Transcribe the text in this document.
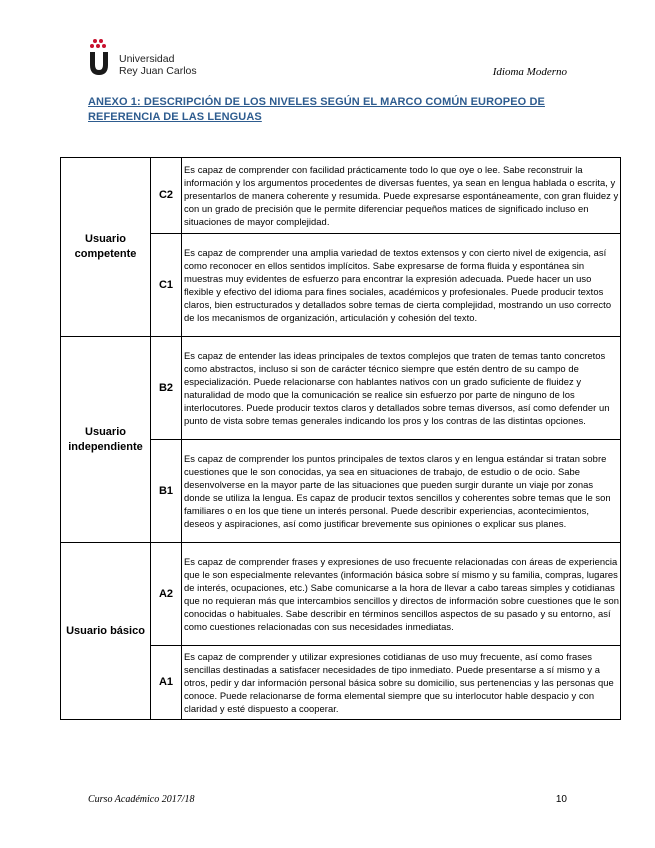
Universidad
Rey Juan Carlos	Idioma Moderno
ANEXO 1: DESCRIPCIÓN DE LOS NIVELES SEGÚN EL MARCO COMÚN EUROPEO DE REFERENCIA DE LAS LENGUAS
Usuario competente	C2	Es capaz de comprender con facilidad prácticamente todo lo que oye o lee. Sabe reconstruir la información y los argumentos procedentes de diversas fuentes, ya sean en lengua hablada o escrita, y presentarlos de manera coherente y resumida. Puede expresarse espontáneamente, con gran fluidez y con un grado de precisión que le permite diferenciar pequeños matices de significado incluso en situaciones de mayor complejidad.
	C1	Es capaz de comprender una amplia variedad de textos extensos y con cierto nivel de exigencia, así como reconocer en ellos sentidos implícitos. Sabe expresarse de forma fluida y espontánea sin muestras muy evidentes de esfuerzo para encontrar la expresión adecuada. Puede hacer un uso flexible y efectivo del idioma para fines sociales, académicos y profesionales. Puede producir textos claros, bien estructurados y detallados sobre temas de cierta complejidad, mostrando un uso correcto de los mecanismos de organización, articulación y cohesión del texto.
Usuario independiente	B2	Es capaz de entender las ideas principales de textos complejos que traten de temas tanto concretos como abstractos, incluso si son de carácter técnico siempre que estén dentro de su campo de especialización. Puede relacionarse con hablantes nativos con un grado suficiente de fluidez y naturalidad de modo que la comunicación se realice sin esfuerzo por parte de ninguno de los interlocutores. Puede producir textos claros y detallados sobre temas diversos, así como defender un punto de vista sobre temas generales indicando los pros y los contras de las distintas opciones.
	B1	Es capaz de comprender los puntos principales de textos claros y en lengua estándar si tratan sobre cuestiones que le son conocidas, ya sea en situaciones de trabajo, de estudio o de ocio. Sabe desenvolverse en la mayor parte de las situaciones que pueden surgir durante un viaje por zonas donde se utiliza la lengua. Es capaz de producir textos sencillos y coherentes sobre temas que le son familiares o en los que tiene un interés personal. Puede describir experiencias, acontecimientos, deseos y aspiraciones, así como justificar brevemente sus opiniones o explicar sus planes.
Usuario básico	A2	Es capaz de comprender frases y expresiones de uso frecuente relacionadas con áreas de experiencia que le son especialmente relevantes (información básica sobre sí mismo y su familia, compras, lugares de interés, ocupaciones, etc.) Sabe comunicarse a la hora de llevar a cabo tareas simples y cotidianas que no requieran más que intercambios sencillos y directos de información sobre cuestiones que le son conocidas o habituales. Sabe describir en términos sencillos aspectos de su pasado y su entorno, así como cuestiones relacionadas con sus necesidades inmediatas.
	A1	Es capaz de comprender y utilizar expresiones cotidianas de uso muy frecuente, así como frases sencillas destinadas a satisfacer necesidades de tipo inmediato. Puede presentarse a sí mismo y a otros, pedir y dar información personal básica sobre su domicilio, sus pertenencias y las personas que conoce. Puede relacionarse de forma elemental siempre que su interlocutor hable despacio y con claridad y esté dispuesto a cooperar.
Curso Académico 2017/18	10
